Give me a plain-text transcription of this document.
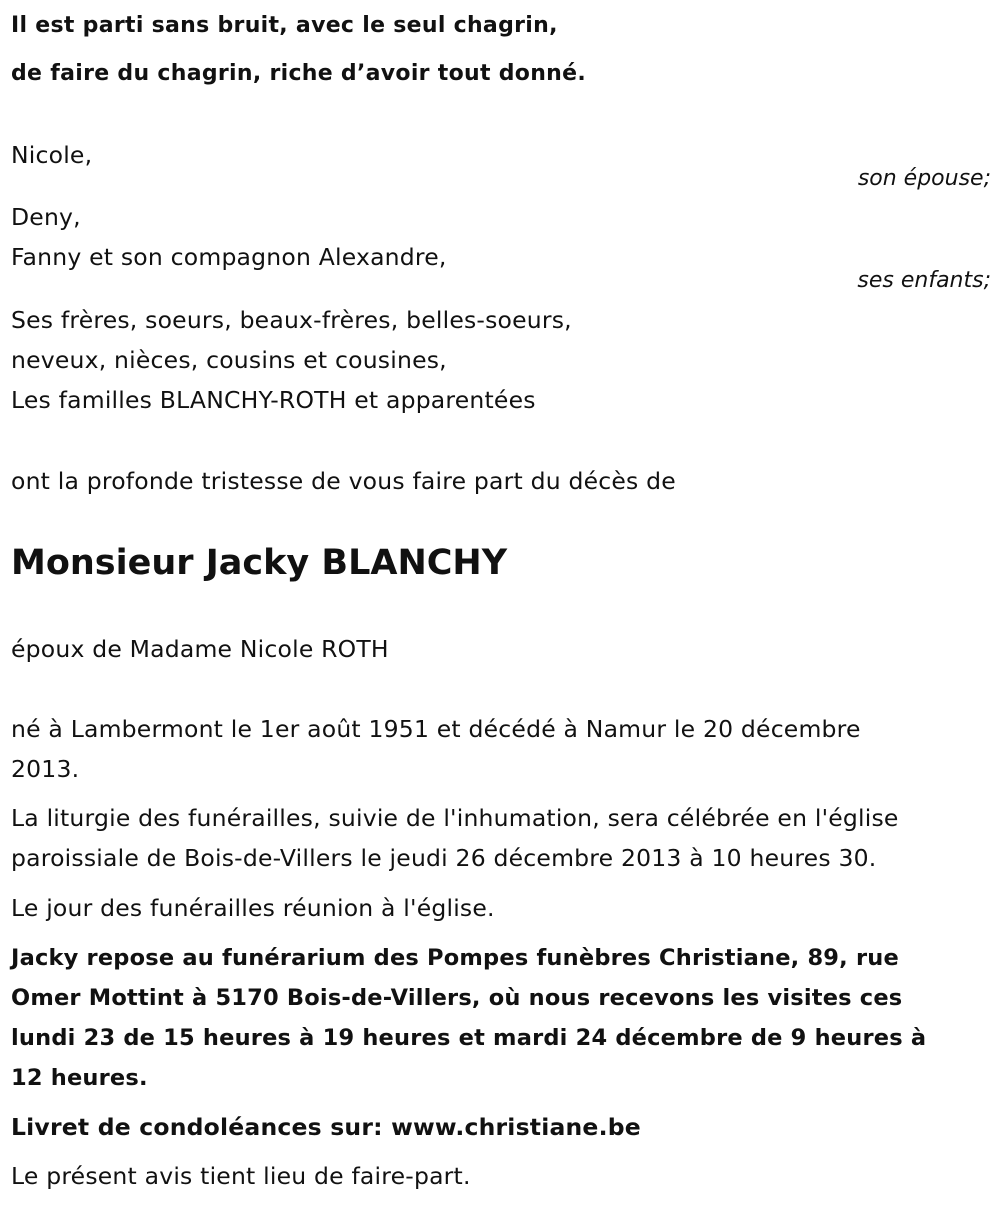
Il est parti sans bruit, avec le seul chagrin,
de faire du chagrin, riche d’avoir tout donné.
Nicole,
son épouse;
Deny,
Fanny et son compagnon Alexandre,
ses enfants;
Ses frères, soeurs, beaux-frères, belles-soeurs,
neveux, nièces, cousins et cousines,
Les familles BLANCHY-ROTH et apparentées
ont la profonde tristesse de vous faire part du décès de
Monsieur Jacky BLANCHY
époux de Madame Nicole ROTH
né à Lambermont le 1er août 1951 et décédé à Namur le 20 décembre
2013.
La liturgie des funérailles, suivie de l'inhumation, sera célébrée en l'église
paroissiale de Bois-de-Villers le jeudi 26 décembre 2013 à 10 heures 30.
Le jour des funérailles réunion à l'église.
Jacky repose au funérarium des Pompes funèbres Christiane, 89, rue
Omer Mottint à 5170 Bois-de-Villers, où nous recevons les visites ces
lundi 23 de 15 heures à 19 heures et mardi 24 décembre de 9 heures à
12 heures.
Livret de condoléances sur: www.christiane.be
Le présent avis tient lieu de faire-part.
